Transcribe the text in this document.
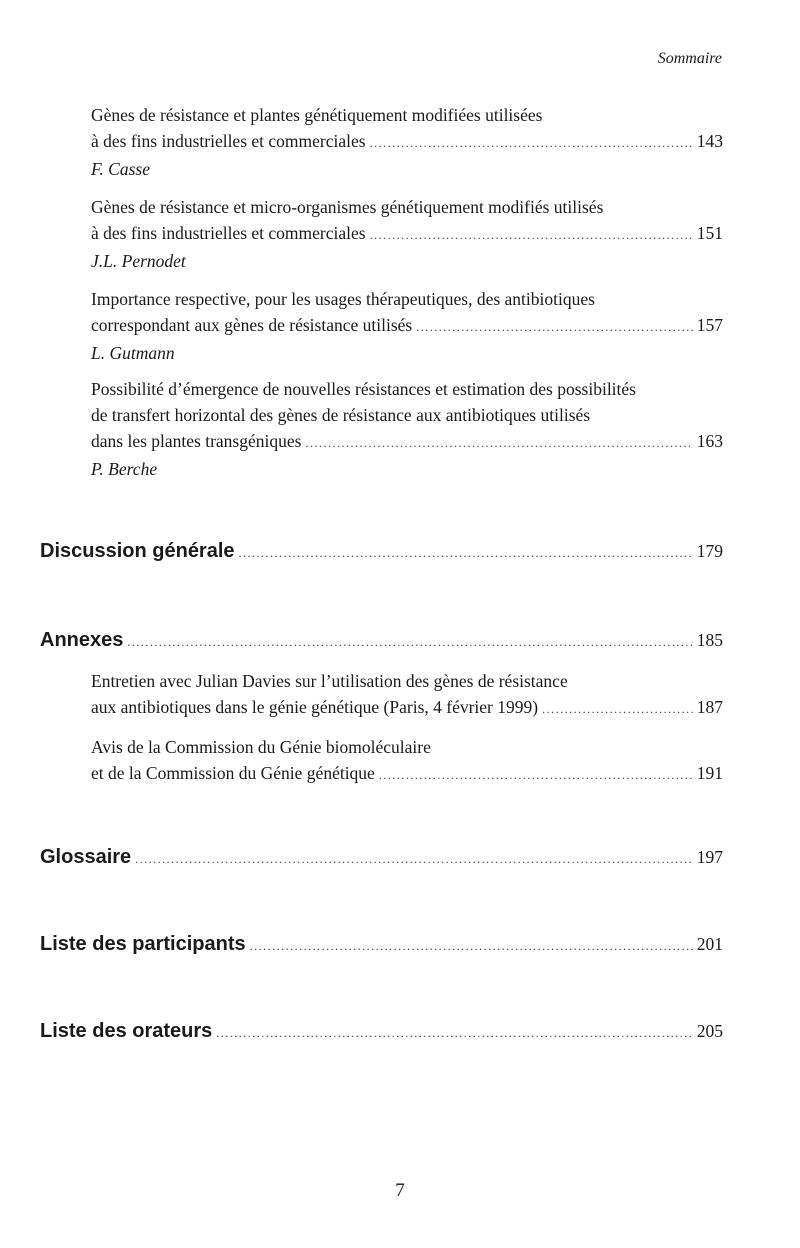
Sommaire
Gènes de résistance et plantes génétiquement modifiées utilisées
à des fins industrielles et commerciales .....	143
F. Casse
Gènes de résistance et micro-organismes génétiquement modifiés utilisés
à des fins industrielles et commerciales .....	151
J.L. Pernodet
Importance respective, pour les usages thérapeutiques, des antibiotiques
correspondant aux gènes de résistance utilisés .....	157
L. Gutmann
Possibilité d’émergence de nouvelles résistances et estimation des possibilités
de transfert horizontal des gènes de résistance aux antibiotiques utilisés
dans les plantes transgéniques .....	163
P. Berche
Discussion générale .....	179
Annexes .....	185
Entretien avec Julian Davies sur l’utilisation des gènes de résistance
aux antibiotiques dans le génie génétique (Paris, 4 février 1999) .....	187
Avis de la Commission du Génie biomoléculaire
et de la Commission du Génie génétique .....	191
Glossaire .....	197
Liste des participants .....	201
Liste des orateurs .....	205
7
